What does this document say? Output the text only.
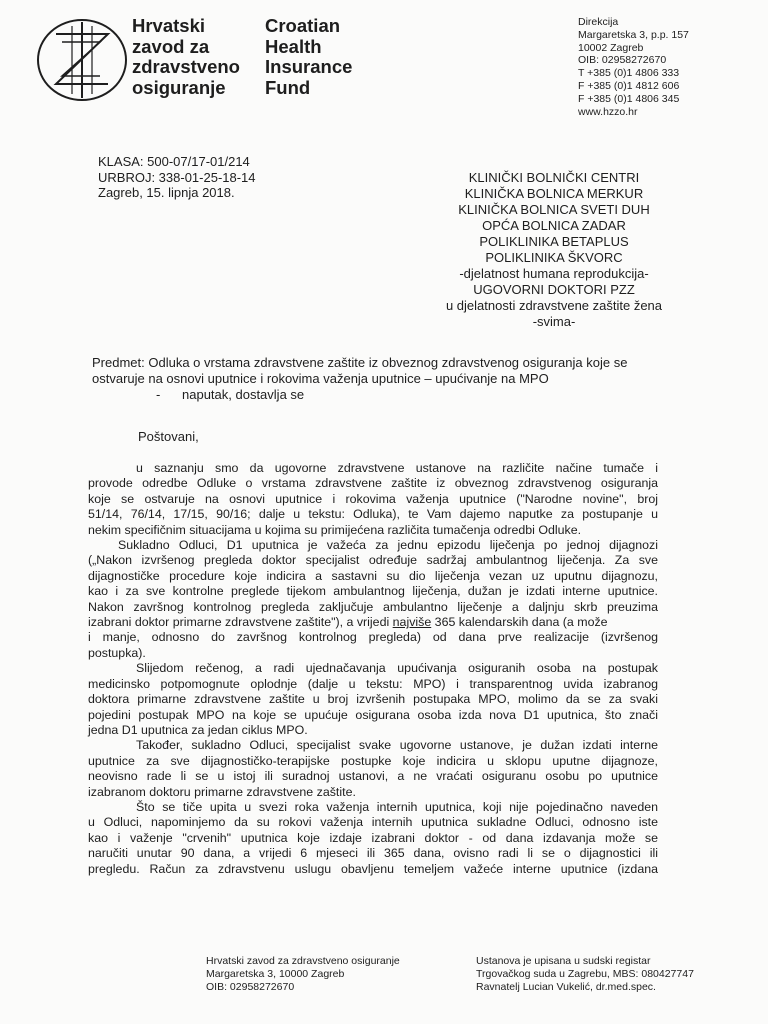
Hrvatski
zavod za
zdravstveno
osiguranje
Croatian
Health
Insurance
Fund
Direkcija
Margaretska 3, p.p. 157
10002 Zagreb
OIB: 02958272670
T +385 (0)1 4806 333
F +385 (0)1 4812 606
F +385 (0)1 4806 345
www.hzzo.hr
KLASA: 500-07/17-01/214
URBROJ: 338-01-25-18-14
Zagreb, 15. lipnja 2018.
KLINIČKI BOLNIČKI CENTRI
KLINIČKA BOLNICA MERKUR
KLINIČKA BOLNICA SVETI DUH
OPĆA BOLNICA ZADAR
POLIKLINIKA BETAPLUS
POLIKLINIKA ŠKVORC
-djelatnost humana reprodukcija-
UGOVORNI DOKTORI PZZ
u djelatnosti zdravstvene zaštite žena
-svima-
Predmet: Odluka o vrstama zdravstvene zaštite iz obveznog zdravstvenog osiguranja koje se
ostvaruje na osnovi uputnice i rokovima važenja uputnice – upućivanje na MPO
- naputak, dostavlja se
Poštovani,
u saznanju smo da ugovorne zdravstvene ustanove na različite načine tumače i
provode odredbe Odluke o vrstama zdravstvene zaštite iz obveznog zdravstvenog osiguranja
koje se ostvaruje na osnovi uputnice i rokovima važenja uputnice ("Narodne novine", broj
51/14, 76/14, 17/15, 90/16; dalje u tekstu: Odluka), te Vam dajemo naputke za postupanje u
nekim specifičnim situacijama u kojima su primijećena različita tumačenja odredbi Odluke.
Sukladno Odluci, D1 uputnica je važeća za jednu epizodu liječenja po jednoj dijagnozi
(„Nakon izvršenog pregleda doktor specijalist određuje sadržaj ambulantnog liječenja. Za sve
dijagnostičke procedure koje indicira a sastavni su dio liječenja vezan uz uputnu dijagnozu,
kao i za sve kontrolne preglede tijekom ambulantnog liječenja, dužan je izdati interne uputnice.
Nakon završnog kontrolnog pregleda zaključuje ambulantno liječenje a daljnju skrb preuzima
izabrani doktor primarne zdravstvene zaštite"), a vrijedi najviše 365 kalendarskih dana (a može
i manje, odnosno do završnog kontrolnog pregleda) od dana prve realizacije (izvršenog
postupka).
Slijedom rečenog, a radi ujednačavanja upućivanja osiguranih osoba na postupak
medicinsko potpomognute oplodnje (dalje u tekstu: MPO) i transparentnog uvida izabranog
doktora primarne zdravstvene zaštite u broj izvršenih postupaka MPO, molimo da se za svaki
pojedini postupak MPO na koje se upućuje osigurana osoba izda nova D1 uputnica, što znači
jedna D1 uputnica za jedan ciklus MPO.
Također, sukladno Odluci, specijalist svake ugovorne ustanove, je dužan izdati interne
uputnice za sve dijagnostičko-terapijske postupke koje indicira u sklopu uputne dijagnoze,
neovisno rade li se u istoj ili suradnoj ustanovi, a ne vraćati osiguranu osobu po uputnice
izabranom doktoru primarne zdravstvene zaštite.
Što se tiče upita u svezi roka važenja internih uputnica, koji nije pojedinačno naveden
u Odluci, napominjemo da su rokovi važenja internih uputnica sukladne Odluci, odnosno iste
kao i važenje "crvenih" uputnica koje izdaje izabrani doktor - od dana izdavanja može se
naručiti unutar 90 dana, a vrijedi 6 mjeseci ili 365 dana, ovisno radi li se o dijagnostici ili
pregledu. Račun za zdravstvenu uslugu obavljenu temeljem važeće interne uputnice (izdana
Hrvatski zavod za zdravstveno osiguranje
Margaretska 3, 10000 Zagreb
OIB: 02958272670
Ustanova je upisana u sudski registar
Trgovačkog suda u Zagrebu, MBS: 080427747
Ravnatelj Lucian Vukelić, dr.med.spec.
